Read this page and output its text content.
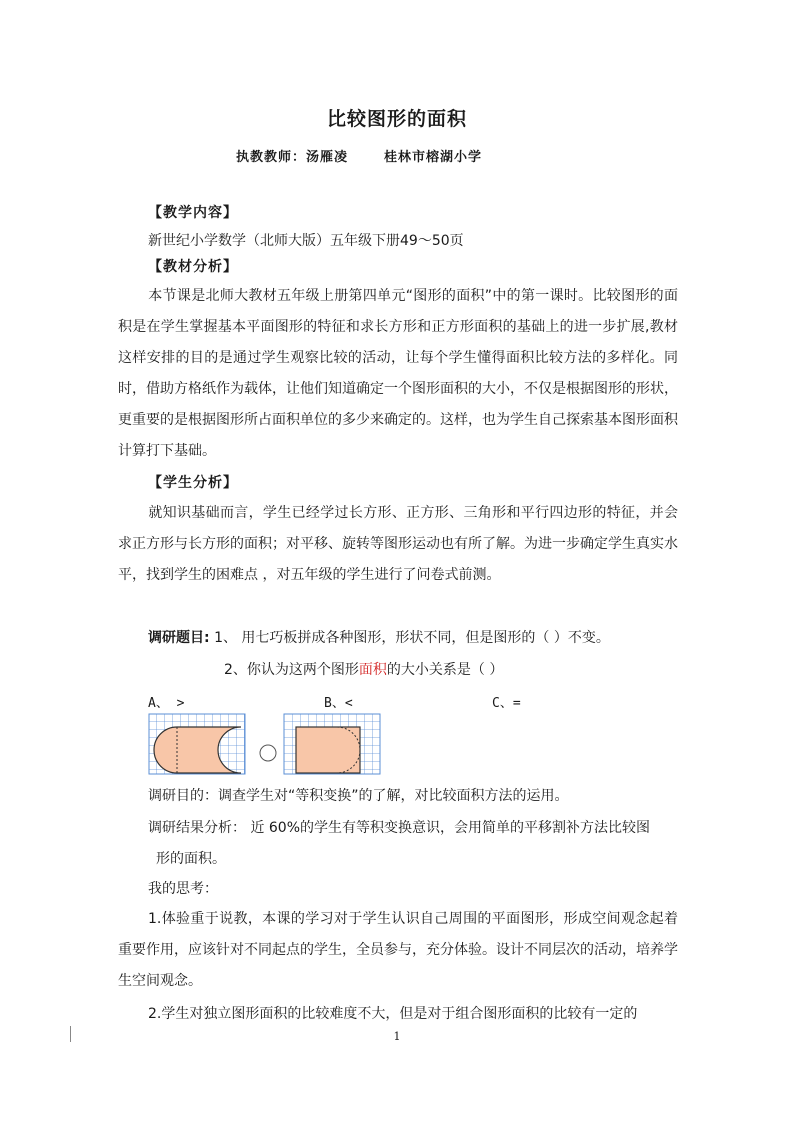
比较图形的面积
执教教师：汤雁凌	桂林市榕湖小学
【教学内容】
新世纪小学数学（北师大版）五年级下册49～50页
【教材分析】
本节课是北师大教材五年级上册第四单元“图形的面积”中的第一课时。比较图形的面积是在学生掌握基本平面图形的特征和求长方形和正方形面积的基础上的进一步扩展,教材这样安排的目的是通过学生观察比较的活动，让每个学生懂得面积比较方法的多样化。同时，借助方格纸作为载体，让他们知道确定一个图形面积的大小，不仅是根据图形的形状，更重要的是根据图形所占面积单位的多少来确定的。这样，也为学生自己探索基本图形面积计算打下基础。
【学生分析】
就知识基础而言，学生已经学过长方形、正方形、三角形和平行四边形的特征，并会求正方形与长方形的面积；对平移、旋转等图形运动也有所了解。为进一步确定学生真实水平，找到学生的困难点 ，对五年级的学生进行了问卷式前测。
调研题目: 1、 用七巧板拼成各种图形，形状不同，但是图形的（ ）不变。
2、你认为这两个图形面积的大小关系是（ ）
A、 >	B、<	C、=
调研目的：调查学生对“等积变换”的了解，对比较面积方法的运用。
调研结果分析： 近 60%的学生有等积变换意识，会用简单的平移割补方法比较图
形的面积。
我的思考：
1.体验重于说教，本课的学习对于学生认识自己周围的平面图形，形成空间观念起着重要作用，应该针对不同起点的学生，全员参与，充分体验。设计不同层次的活动，培养学生空间观念。
2.学生对独立图形面积的比较难度不大，但是对于组合图形面积的比较有一定的
1
